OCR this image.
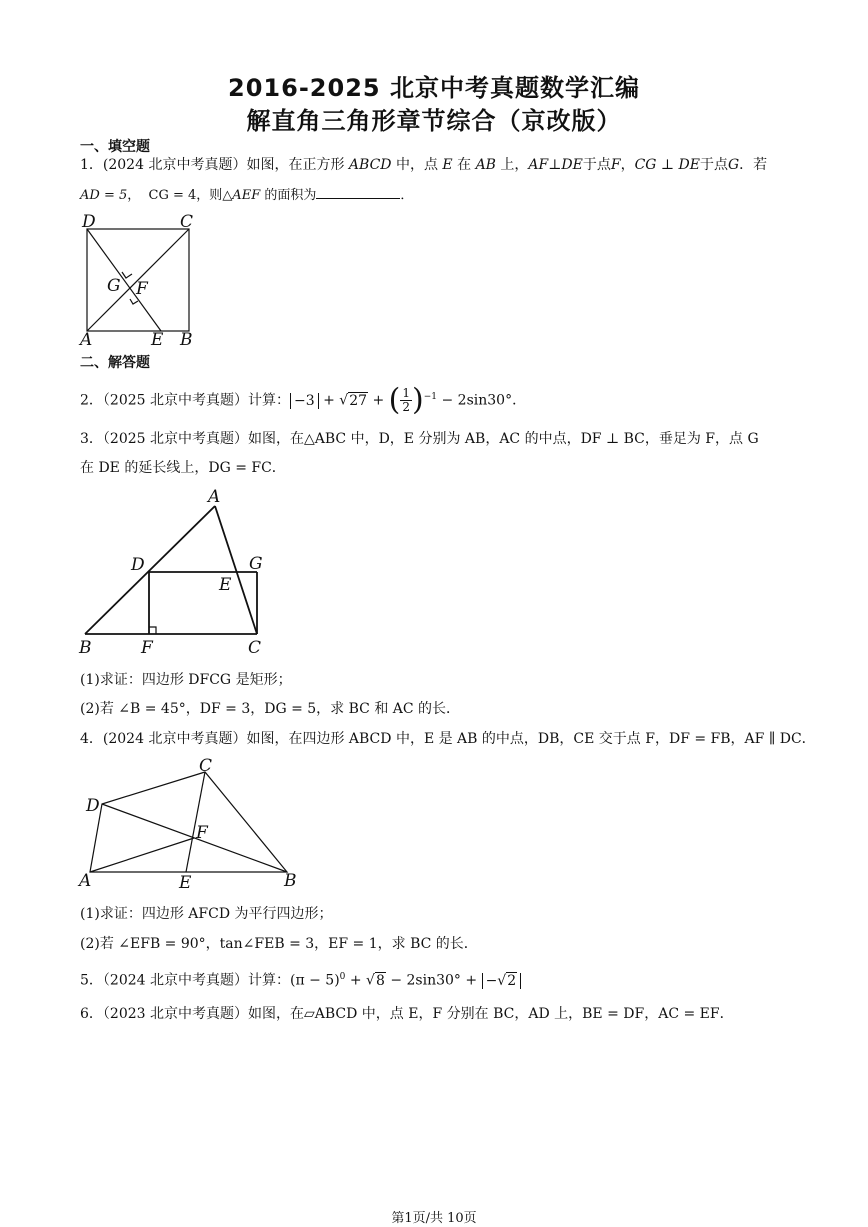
2016-2025 北京中考真题数学汇编
解直角三角形章节综合（京改版）
一、填空题
1．(2024 北京中考真题）如图，在正方形 ABCD 中，点 E 在 AB 上，AF⊥DE于点F，CG ⊥ DE于点G．若
AD = 5， CG = 4，则△AEF 的面积为	．
D	C
G F
A	E B
二、解答题
2．（2025 北京中考真题）计算： −3 + √27 + ( $\frac{1}{2} )^{-1} - 2\sin 30^\circ$．
3．（2025 北京中考真题）如图，在△ABC 中，D，E 分别为 AB，AC 的中点，DF ⊥ BC，垂足为 F，点 G
在 DE 的延长线上，DG = FC．
A
D	G
E
B	F	C
(1)求证：四边形 DFCG 是矩形；
(2)若 ∠B = 45°，DF = 3，DG = 5，求 BC 和 AC 的长．
4．(2024 北京中考真题）如图，在四边形 ABCD 中，E 是 AB 的中点，DB，CE 交于点 F，DF = FB，AF ∥ DC．
C
D
F
A	E	B
(1)求证：四边形 AFCD 为平行四边形；
(2)若 ∠EFB = 90°，tan∠FEB = 3，EF = 1，求 BC 的长．
5．（2024 北京中考真题）计算：$(\pi - 5)^0 + √8 - 2\sin 30^\circ + -√2$
6．（2023 北京中考真题）如图，在▱ABCD 中，点 E，F 分别在 BC，AD 上，BE = DF，AC = EF．
第1页/共 10页
